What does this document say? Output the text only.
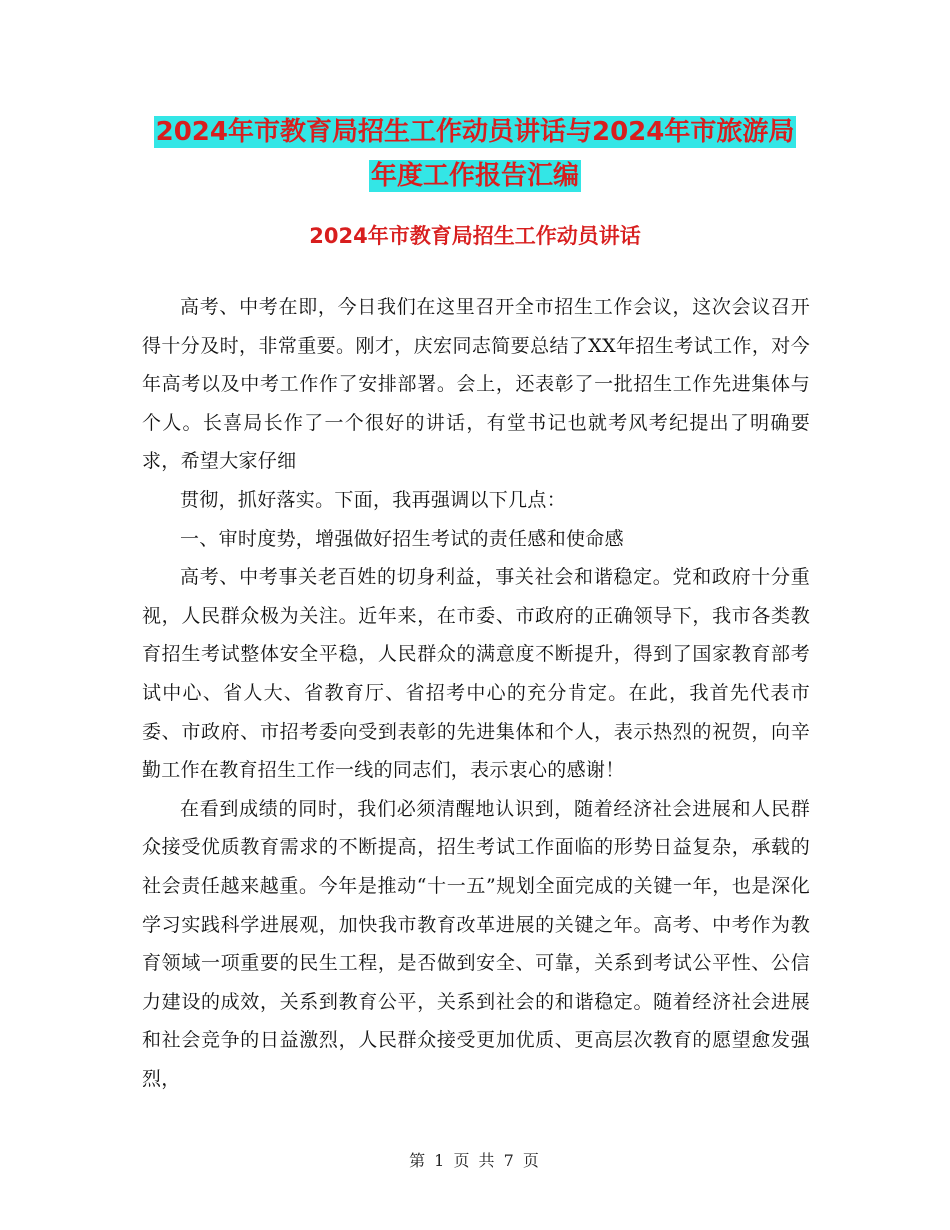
2024年市教育局招生工作动员讲话与2024年市旅游局
年度工作报告汇编
2024年市教育局招生工作动员讲话

高考、中考在即，今日我们在这里召开全市招生工作会议，这次会议召开得十分及时，非常重要。刚才，庆宏同志简要总结了XX年招生考试工作，对今年高考以及中考工作作了安排部署。会上，还表彰了一批招生工作先进集体与个人。长喜局长作了一个很好的讲话，有堂书记也就考风考纪提出了明确要求，希望大家仔细

贯彻，抓好落实。下面，我再强调以下几点：

一、审时度势，增强做好招生考试的责任感和使命感

高考、中考事关老百姓的切身利益，事关社会和谐稳定。党和政府十分重视，人民群众极为关注。近年来，在市委、市政府的正确领导下，我市各类教育招生考试整体安全平稳，人民群众的满意度不断提升，得到了国家教育部考试中心、省人大、省教育厅、省招考中心的充分肯定。在此，我首先代表市委、市政府、市招考委向受到表彰的先进集体和个人，表示热烈的祝贺，向辛勤工作在教育招生工作一线的同志们，表示衷心的感谢！

在看到成绩的同时，我们必须清醒地认识到，随着经济社会进展和人民群众接受优质教育需求的不断提高，招生考试工作面临的形势日益复杂，承载的社会责任越来越重。今年是推动“十一五”规划全面完成的关键一年，也是深化学习实践科学进展观，加快我市教育改革进展的关键之年。高考、中考作为教育领域一项重要的民生工程，是否做到安全、可靠，关系到考试公平性、公信力建设的成效，关系到教育公平，关系到社会的和谐稳定。随着经济社会进展和社会竞争的日益激烈，人民群众接受更加优质、更高层次教育的愿望愈发强烈，

第 1 页 共 7 页
